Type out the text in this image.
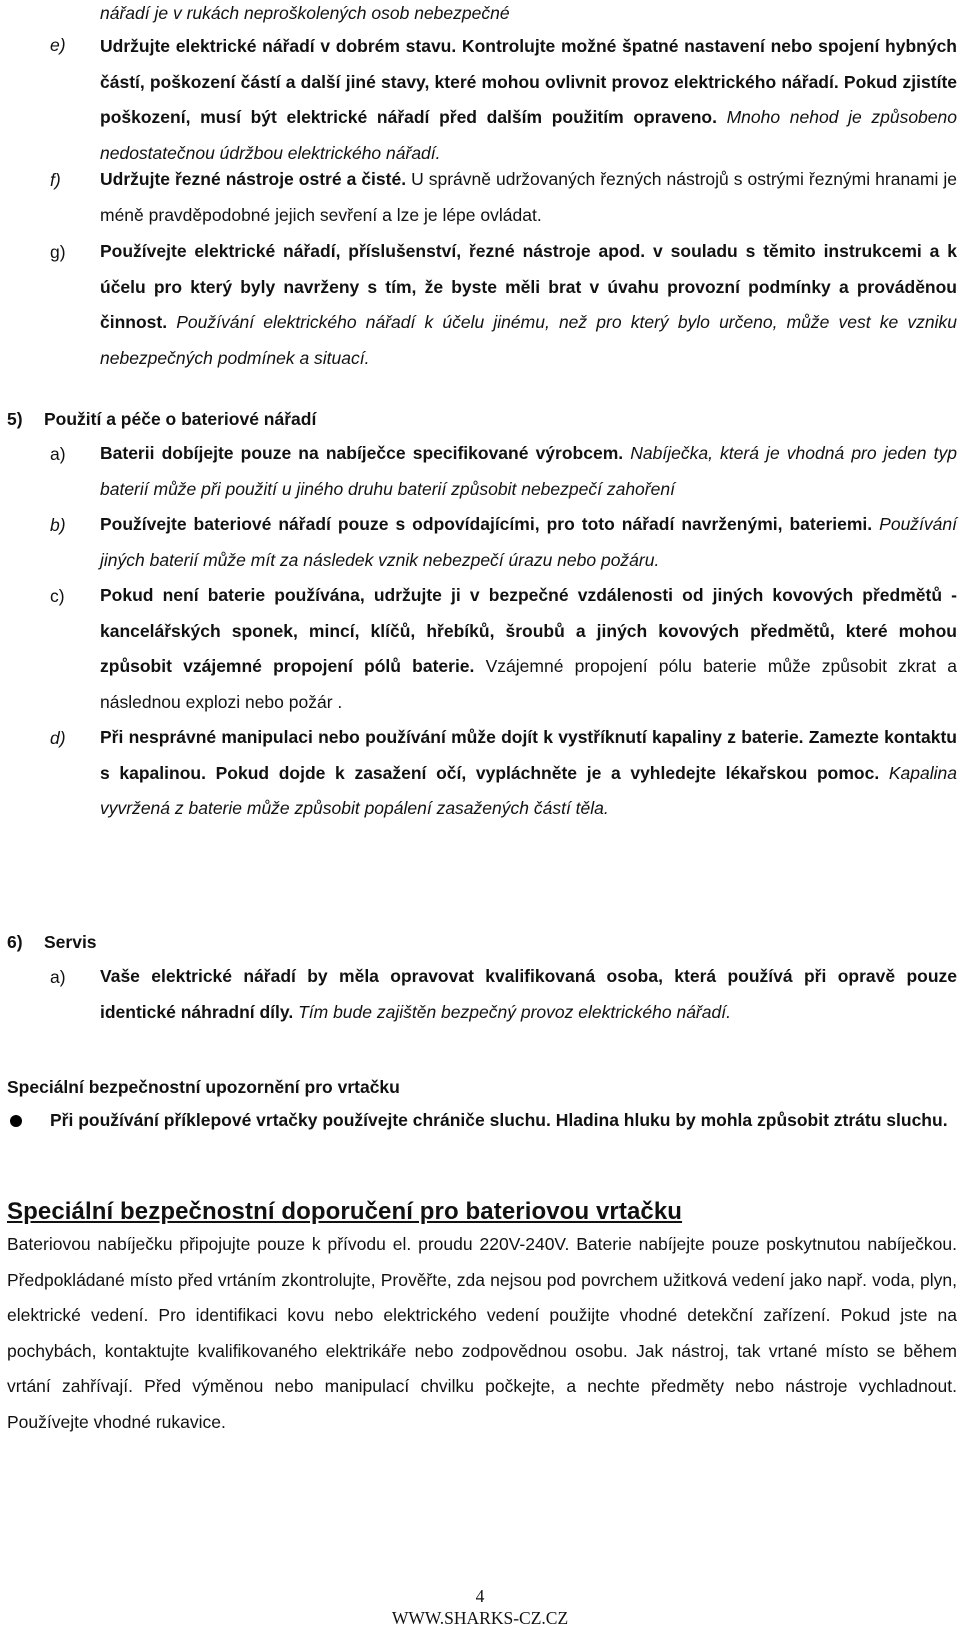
nářadí je v rukách neproškolených osob nebezpečné
e) Udržujte elektrické nářadí v dobrém stavu. Kontrolujte možné špatné nastavení nebo spojení hybných částí, poškození částí a další jiné stavy, které mohou ovlivnit provoz elektrického nářadí. Pokud zjistíte poškození, musí být elektrické nářadí před dalším použitím opraveno. Mnoho nehod je způsobeno nedostatečnou údržbou elektrického nářadí.
f) Udržujte řezné nástroje ostré a čisté. U správně udržovaných řezných nástrojů s ostrými řeznými hranami je méně pravděpodobné jejich sevření a lze je lépe ovládat.
g) Používejte elektrické nářadí, příslušenství, řezné nástroje apod. v souladu s těmito instrukcemi a k účelu pro který byly navrženy s tím, že byste měli brat v úvahu provozní podmínky a prováděnou činnost. Používání elektrického nářadí k účelu jinému, než pro který bylo určeno, může vest ke vzniku nebezpečných podmínek a situací.
5) Použití a péče o bateriové nářadí
a) Baterii dobíjejte pouze na nabíječce specifikované výrobcem. Nabíječka, která je vhodná pro jeden typ baterií může při použití u jiného druhu baterií způsobit nebezpečí zahoření
b) Používejte bateriové nářadí pouze s odpovídajícími, pro toto nářadí navrženými, bateriemi. Používání jiných baterií může mít za následek vznik nebezpečí úrazu nebo požáru.
c) Pokud není baterie používána, udržujte ji v bezpečné vzdálenosti od jiných kovových předmětů - kancelářských sponek, mincí, klíčů, hřebíků, šroubů a jiných kovových předmětů, které mohou způsobit vzájemné propojení pólů baterie. Vzájemné propojení pólu baterie může způsobit zkrat a následnou explozi nebo požár .
d) Při nesprávné manipulaci nebo používání může dojít k vystříknutí kapaliny z baterie. Zamezte kontaktu s kapalinou. Pokud dojde k zasažení očí, vypláchněte je a vyhledejte lékařskou pomoc. Kapalina vyvržená z baterie může způsobit popálení zasažených částí těla.
6) Servis
a) Vaše elektrické nářadí by měla opravovat kvalifikovaná osoba, která používá při opravě pouze identické náhradní díly. Tím bude zajištěn bezpečný provoz elektrického nářadí.
Speciální bezpečnostní upozornění pro vrtačku
Při používání příklepové vrtačky používejte chrániče sluchu. Hladina hluku by mohla způsobit ztrátu sluchu.
Speciální bezpečnostní doporučení pro bateriovou vrtačku
Bateriovou nabíječku připojujte pouze k přívodu el. proudu 220V-240V. Baterie nabíjejte pouze poskytnutou nabíječkou. Předpokládané místo před vrtáním zkontrolujte, Prověřte, zda nejsou pod povrchem užitková vedení jako např. voda, plyn, elektrické vedení. Pro identifikaci kovu nebo elektrického vedení použijte vhodné detekční zařízení. Pokud jste na pochybách, kontaktujte kvalifikovaného elektrikáře nebo zodpovědnou osobu. Jak nástroj, tak vrtané místo se během vrtání zahřívají. Před výměnou nebo manipulací chvilku počkejte, a nechte předměty nebo nástroje vychladnout. Používejte vhodné rukavice.
4
WWW.SHARKS-CZ.CZ
